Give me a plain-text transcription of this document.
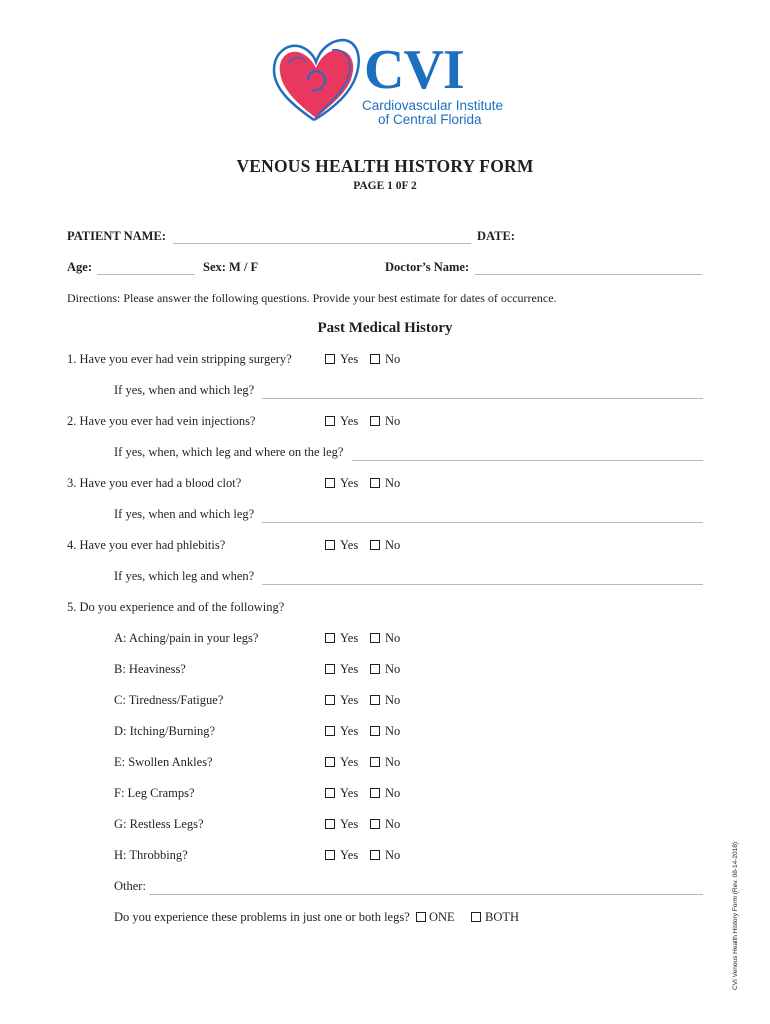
CVI
Cardiovascular Institute
of Central Florida
VENOUS HEALTH HISTORY FORM
PAGE 1 0F 2
PATIENT NAME:	DATE:
Age:	Sex: M / F	Doctor’s Name:
Directions: Please answer the following questions. Provide your best estimate for dates of occurrence.
Past Medical History
1. Have you ever had vein stripping surgery?	Yes No
If yes, when and which leg?
2. Have you ever had vein injections?	Yes No
If yes, when, which leg and where on the leg?
3. Have you ever had a blood clot?	Yes No
If yes, when and which leg?
4. Have you ever had phlebitis?	Yes No
If yes, which leg and when?
5. Do you experience and of the following?
A: Aching/pain in your legs?	Yes No
B: Heaviness?	Yes No
C: Tiredness/Fatigue?	Yes No
D: Itching/Burning?	Yes No
E: Swollen Ankles?	Yes No
F: Leg Cramps?	Yes No
G: Restless Legs?	Yes No
H: Throbbing?	Yes No
Other:
Do you experience these problems in just one or both legs? ONE BOTH	CVI Venous Health History Form (Rev. 08-14-2018)
